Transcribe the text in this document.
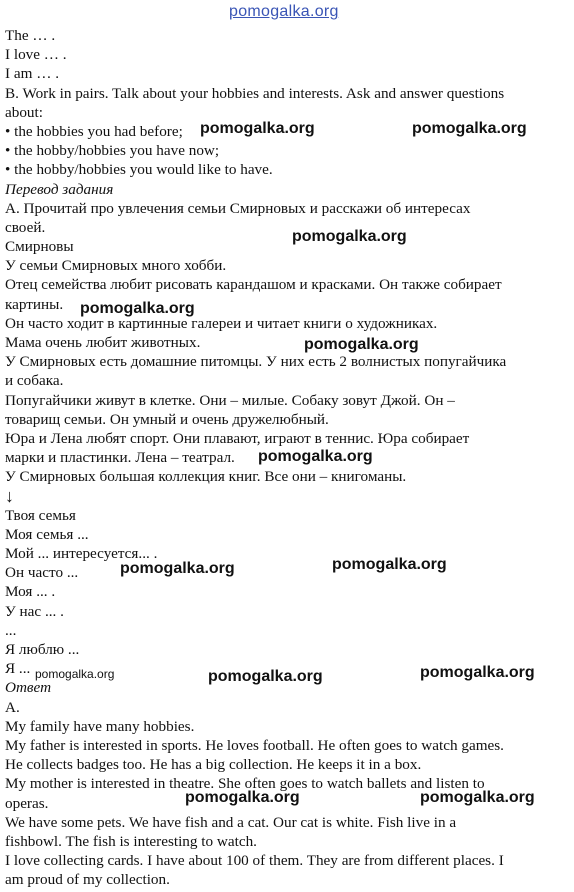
pomogalka.org
The … .
I love … .
I am … .
B. Work in pairs. Talk about your hobbies and interests. Ask and answer questions
about:
• the hobbies you had before;
• the hobby/hobbies you have now;
• the hobby/hobbies you would like to have.
Перевод задания
А. Прочитай про увлечения семьи Смирновых и расскажи об интересах
своей.
Смирновы
У семьи Смирновых много хобби.
Отец семейства любит рисовать карандашом и красками. Он также собирает
картины.
Он часто ходит в картинные галереи и читает книги о художниках.
Мама очень любит животных.
У Смирновых есть домашние питомцы. У них есть 2 волнистых попугайчика
и собака.
Попугайчики живут в клетке. Они – милые. Собаку зовут Джой. Он –
товарищ семьи. Он умный и очень дружелюбный.
Юра и Лена любят спорт. Они плавают, играют в теннис. Юра собирает
марки и пластинки. Лена – театрал.
У Смирновых большая коллекция книг. Все они – книгоманы.
↓
Твоя семья
Моя семья ...
Мой ... интересуется... .
Он часто ...
Моя ... .
У нас ... .
...
Я люблю ...
Я ...
Ответ
A.
My family have many hobbies.
My father is interested in sports. He loves football. He often goes to watch games.
He collects badges too. He has a big collection. He keeps it in a box.
My mother is interested in theatre. She often goes to watch ballets and listen to
operas.
We have some pets. We have fish and a cat. Our cat is white. Fish live in a
fishbowl. The fish is interesting to watch.
I love collecting cards. I have about 100 of them. They are from different places. I
am proud of my collection.
pomogalka.org	pomogalka.org
pomogalka.org
pomogalka.org
pomogalka.org
pomogalka.org
pomogalka.org	pomogalka.org
pomogalka.org	pomogalka.org	pomogalka.org
pomogalka.org	pomogalka.org
